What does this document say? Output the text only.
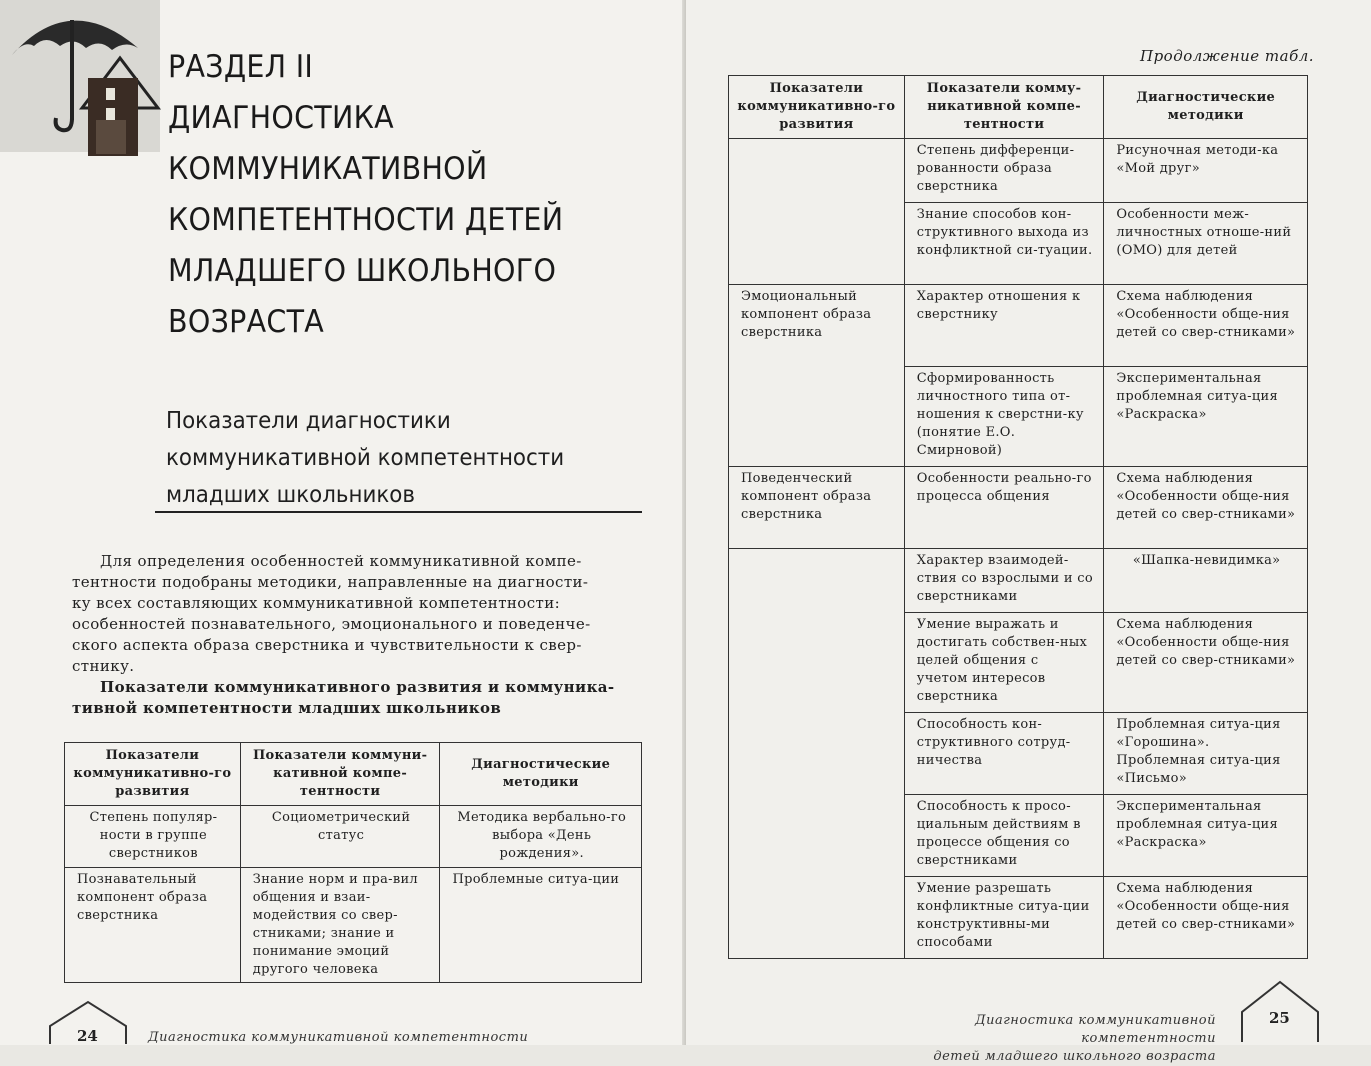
РАЗДЕЛ II
ДИАГНОСТИКА
КОММУНИКАТИВНОЙ
КОМПЕТЕНТНОСТИ ДЕТЕЙ
МЛАДШЕГО ШКОЛЬНОГО
ВОЗРАСТА
Показатели диагностики
коммуникативной компетентности
младших школьников
Для определения особенностей коммуникативной компе-
тентности подобраны методики, направленные на диагности-
ку всех составляющих коммуникативной компетентности:
особенностей познавательного, эмоционального и поведенче-
ского аспекта образа сверстника и чувствительности к свер-
стнику.
Показатели коммуникативного развития и коммуника-
тивной компетентности младших школьников
Показатели коммуникативно-го развития	Показатели коммуни-кативной компе-тентности	Диагностические методики
Степень популяр-ности в группе сверстников	Социометрический статус	Методика вербально-го выбора «День рождения».
Познавательный компонент образа сверстника	Знание норм и пра-вил общения и взаи-модействия со свер-стниками; знание и понимание эмоций другого человека	Проблемные ситуа-ции
24	Диагностика коммуникативной компетентности
Продолжение табл.
Показатели коммуникативно-го развития	Показатели комму-никативной компе-тентности	Диагностические методики
	Степень дифференци-рованности образа сверстника	Рисуночная методи-ка «Мой друг»
	Знание способов кон-структивного выхода из конфликтной си-туации.	Особенности меж-личностных отноше-ний (ОМО) для детей
Эмоциональный компонент образа сверстника	Характер отношения к сверстнику	Схема наблюдения «Особенности обще-ния детей со свер-стниками»
	Сформированность личностного типа от-ношения к сверстни-ку (понятие Е.О. Смирновой)	Экспериментальная проблемная ситуа-ция «Раскраска»
Поведенческий компонент образа сверстника	Особенности реально-го процесса общения	Схема наблюдения «Особенности обще-ния детей со свер-стниками»
	Характер взаимодей-ствия со взрослыми и со сверстниками	«Шапка-невидимка»
	Умение выражать и достигать собствен-ных целей общения с учетом интересов сверстника	Схема наблюдения «Особенности обще-ния детей со свер-стниками»
	Способность кон-структивного сотруд-ничества	Проблемная ситуа-ция «Горошина». Проблемная ситуа-ция «Письмо»
	Способность к просо-циальным действиям в процессе общения со сверстниками	Экспериментальная проблемная ситуа-ция «Раскраска»
	Умение разрешать конфликтные ситуа-ции конструктивны-ми способами	Схема наблюдения «Особенности обще-ния детей со свер-стниками»
Диагностика коммуникативной компетентности
детей младшего школьного возраста
25
